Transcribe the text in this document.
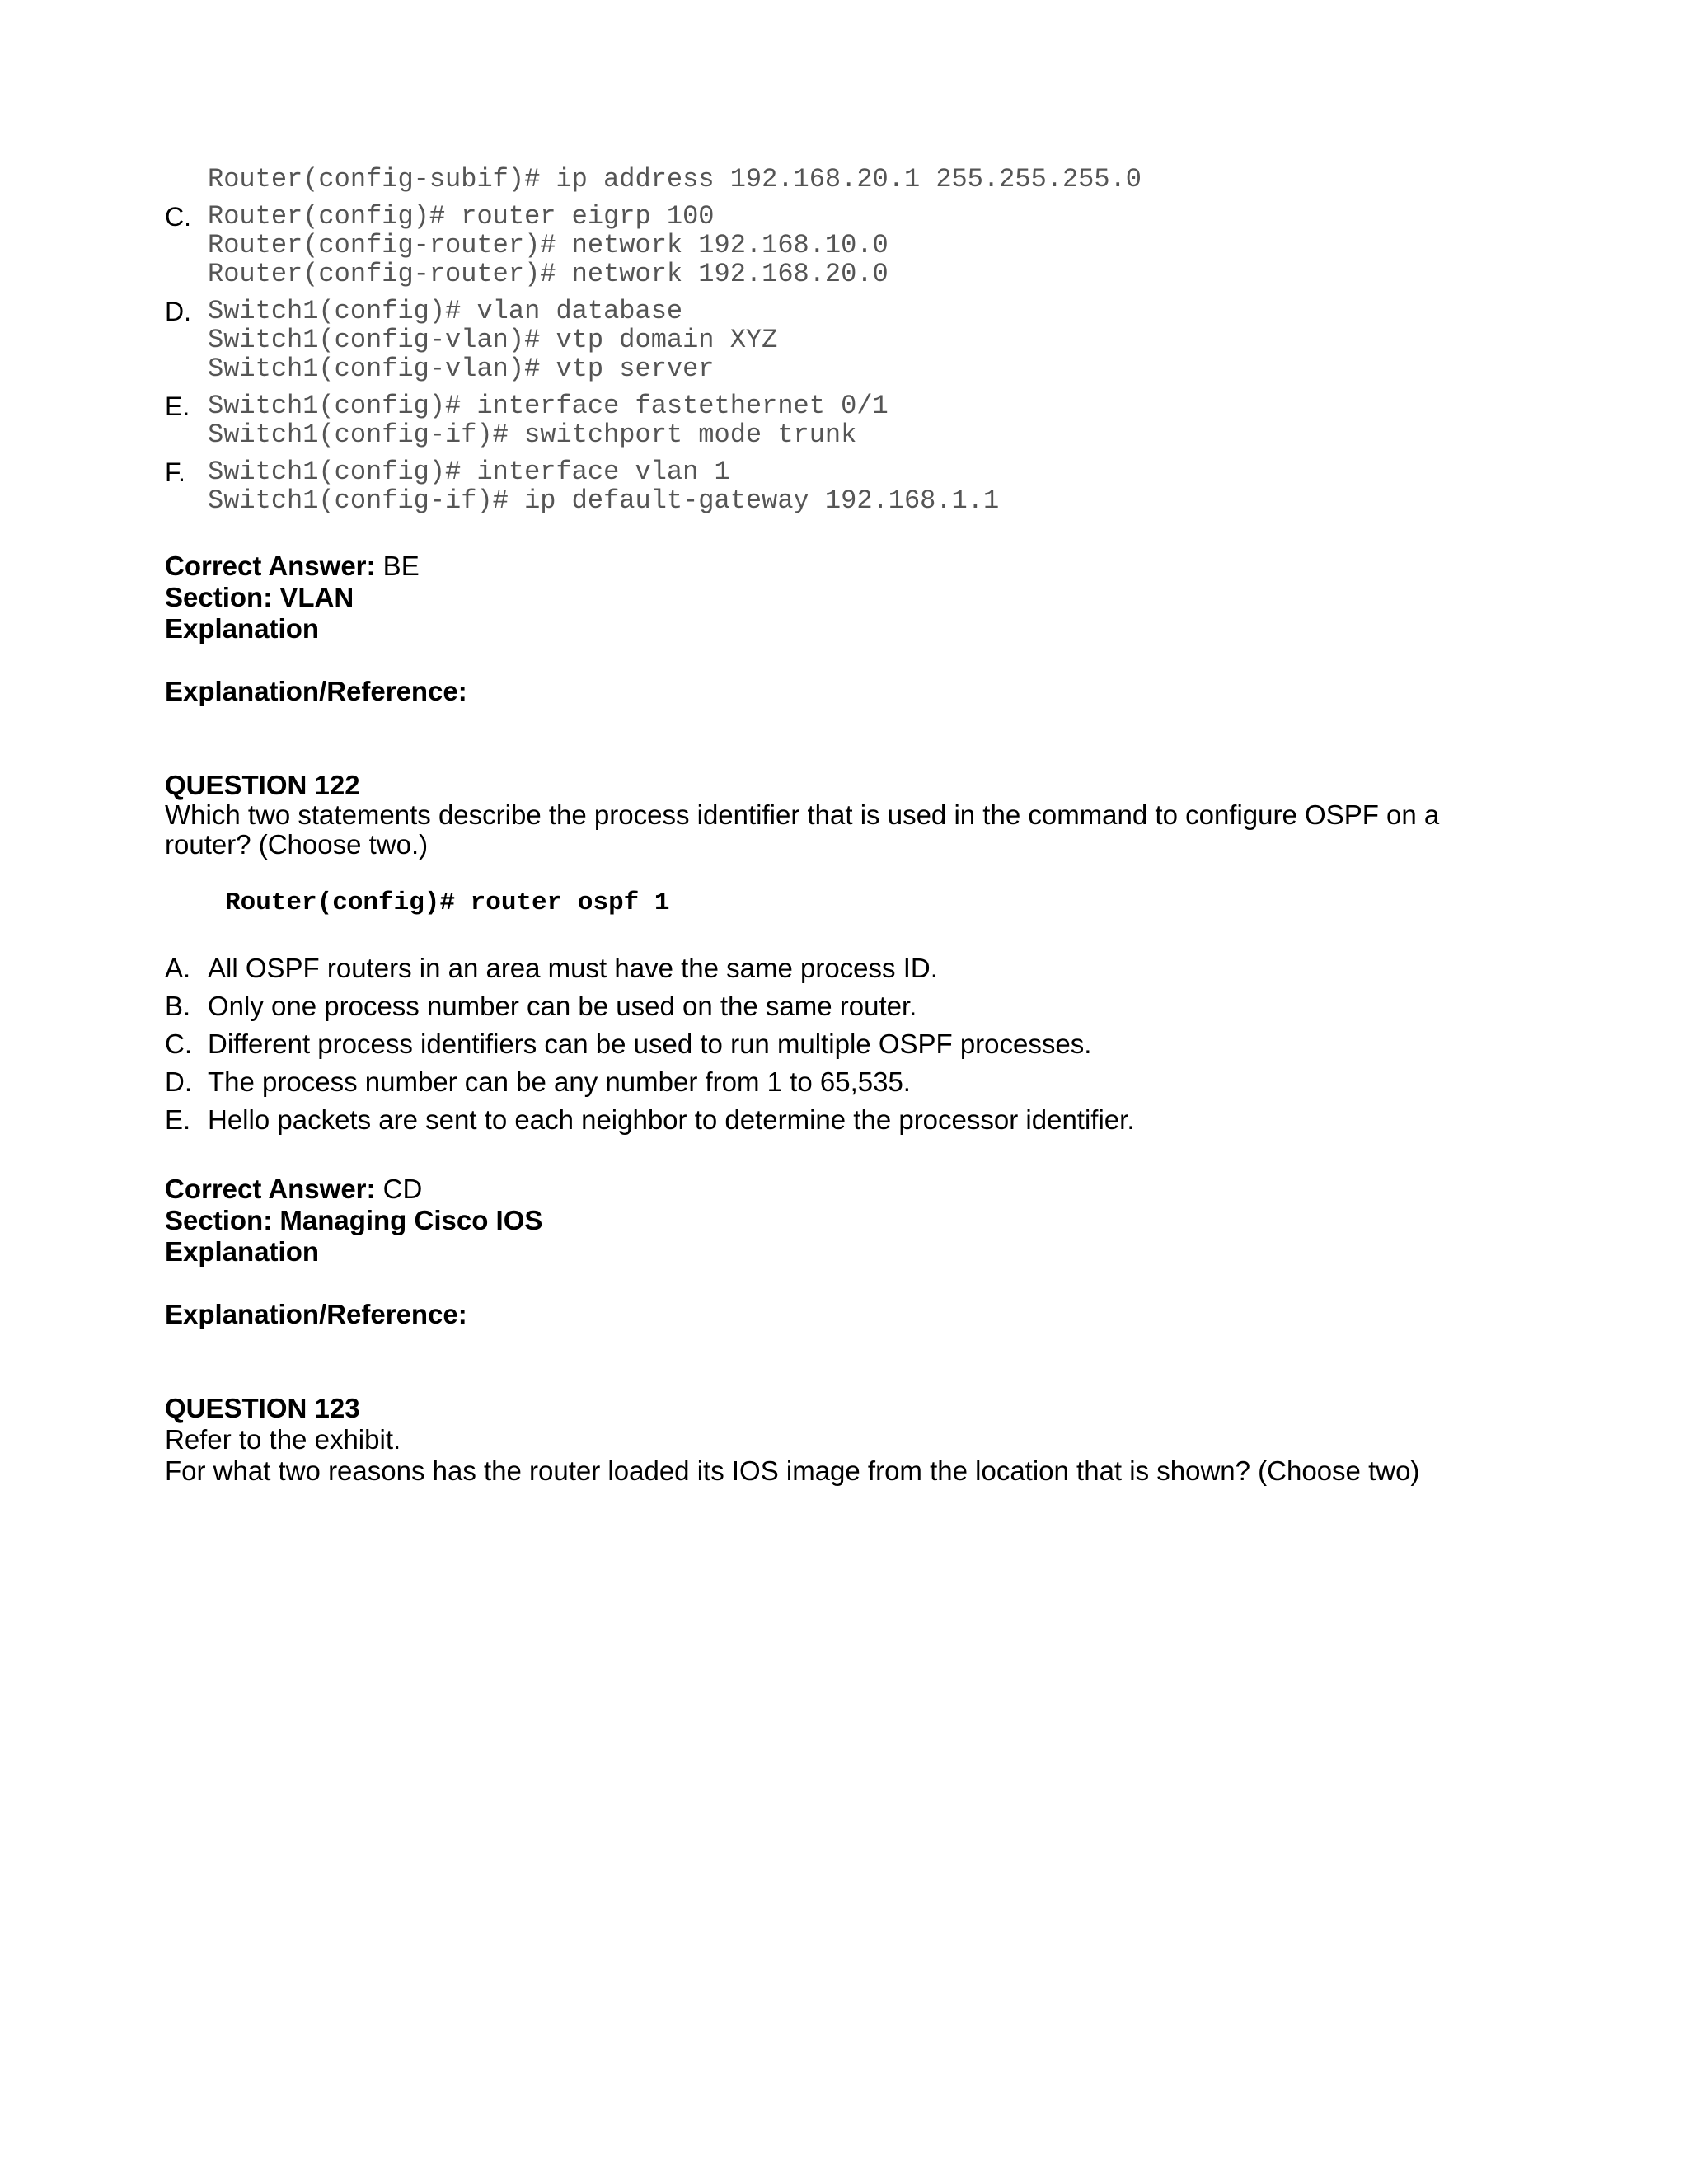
Router(config-subif)# ip address 192.168.20.1 255.255.255.0
C. Router(config)# router eigrp 100
Router(config-router)# network 192.168.10.0
Router(config-router)# network 192.168.20.0
D. Switch1(config)# vlan database
Switch1(config-vlan)# vtp domain XYZ
Switch1(config-vlan)# vtp server
E. Switch1(config)# interface fastethernet 0/1
Switch1(config-if)# switchport mode trunk
F. Switch1(config)# interface vlan 1
Switch1(config-if)# ip default-gateway 192.168.1.1
Correct Answer: BE
Section: VLAN
Explanation
Explanation/Reference:
QUESTION 122
Which two statements describe the process identifier that is used in the command to configure OSPF on a
router? (Choose two.)
Router(config)# router ospf 1
A. All OSPF routers in an area must have the same process ID.
B. Only one process number can be used on the same router.
C. Different process identifiers can be used to run multiple OSPF processes.
D. The process number can be any number from 1 to 65,535.
E. Hello packets are sent to each neighbor to determine the processor identifier.
Correct Answer: CD
Section: Managing Cisco IOS
Explanation
Explanation/Reference:
QUESTION 123
Refer to the exhibit.
For what two reasons has the router loaded its IOS image from the location that is shown? (Choose two)
